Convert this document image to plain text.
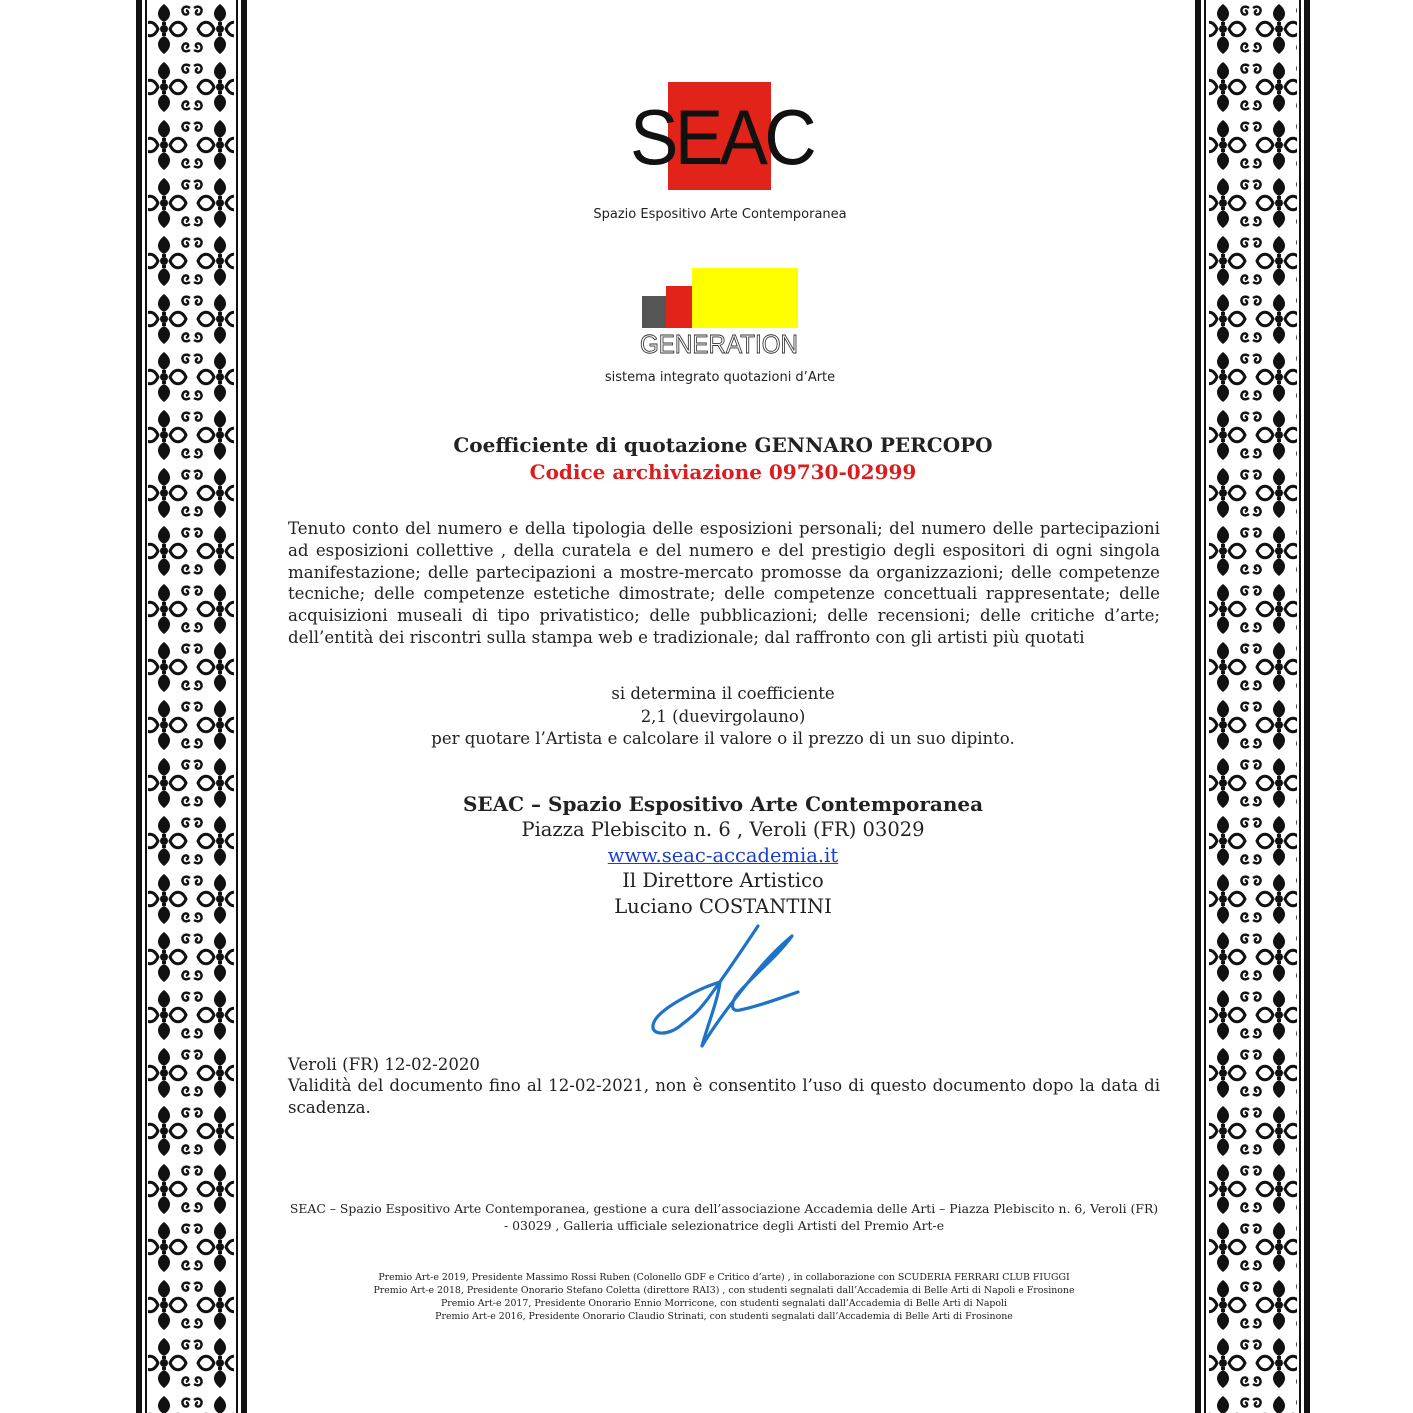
SEAC
Spazio Espositivo Arte Contemporanea
GENERATION
sistema integrato quotazioni d’Arte
Coefficiente di quotazione GENNARO PERCOPO
Codice archiviazione 09730-02999
Tenuto conto del numero e della tipologia delle esposizioni personali; del numero delle partecipazioni ad esposizioni collettive , della curatela e del numero e del prestigio degli espositori di ogni singola manifestazione; delle partecipazioni a mostre-mercato promosse da organizzazioni; delle competenze tecniche; delle competenze estetiche dimostrate; delle competenze concettuali rappresentate; delle acquisizioni museali di tipo privatistico; delle pubblicazioni; delle recensioni; delle critiche d’arte; dell’entità dei riscontri sulla stampa web e tradizionale; dal raffronto con gli artisti più quotati
si determina il coefficiente
2,1 (duevirgolauno)
per quotare l’Artista e calcolare il valore o il prezzo di un suo dipinto.
SEAC – Spazio Espositivo Arte Contemporanea
Piazza Plebiscito n. 6 , Veroli (FR) 03029
www.seac-accademia.it
Il Direttore Artistico
Luciano COSTANTINI
Veroli (FR) 12-02-2020
Validità del documento fino al 12-02-2021, non è consentito l’uso di questo documento dopo la data di scadenza.
SEAC – Spazio Espositivo Arte Contemporanea, gestione a cura dell’associazione Accademia delle Arti – Piazza Plebiscito n. 6, Veroli (FR) - 03029 , Galleria ufficiale selezionatrice degli Artisti del Premio Art-e
Premio Art-e 2019, Presidente Massimo Rossi Ruben (Colonello GDF e Critico d’arte) , in collaborazione con SCUDERIA FERRARI CLUB FIUGGI
Premio Art-e 2018, Presidente Onorario Stefano Coletta (direttore RAI3) , con studenti segnalati dall’Accademia di Belle Arti di Napoli e Frosinone
Premio Art-e 2017, Presidente Onorario Ennio Morricone, con studenti segnalati dall’Accademia di Belle Arti di Napoli
Premio Art-e 2016, Presidente Onorario Claudio Strinati, con studenti segnalati dall’Accademia di Belle Arti di Frosinone
